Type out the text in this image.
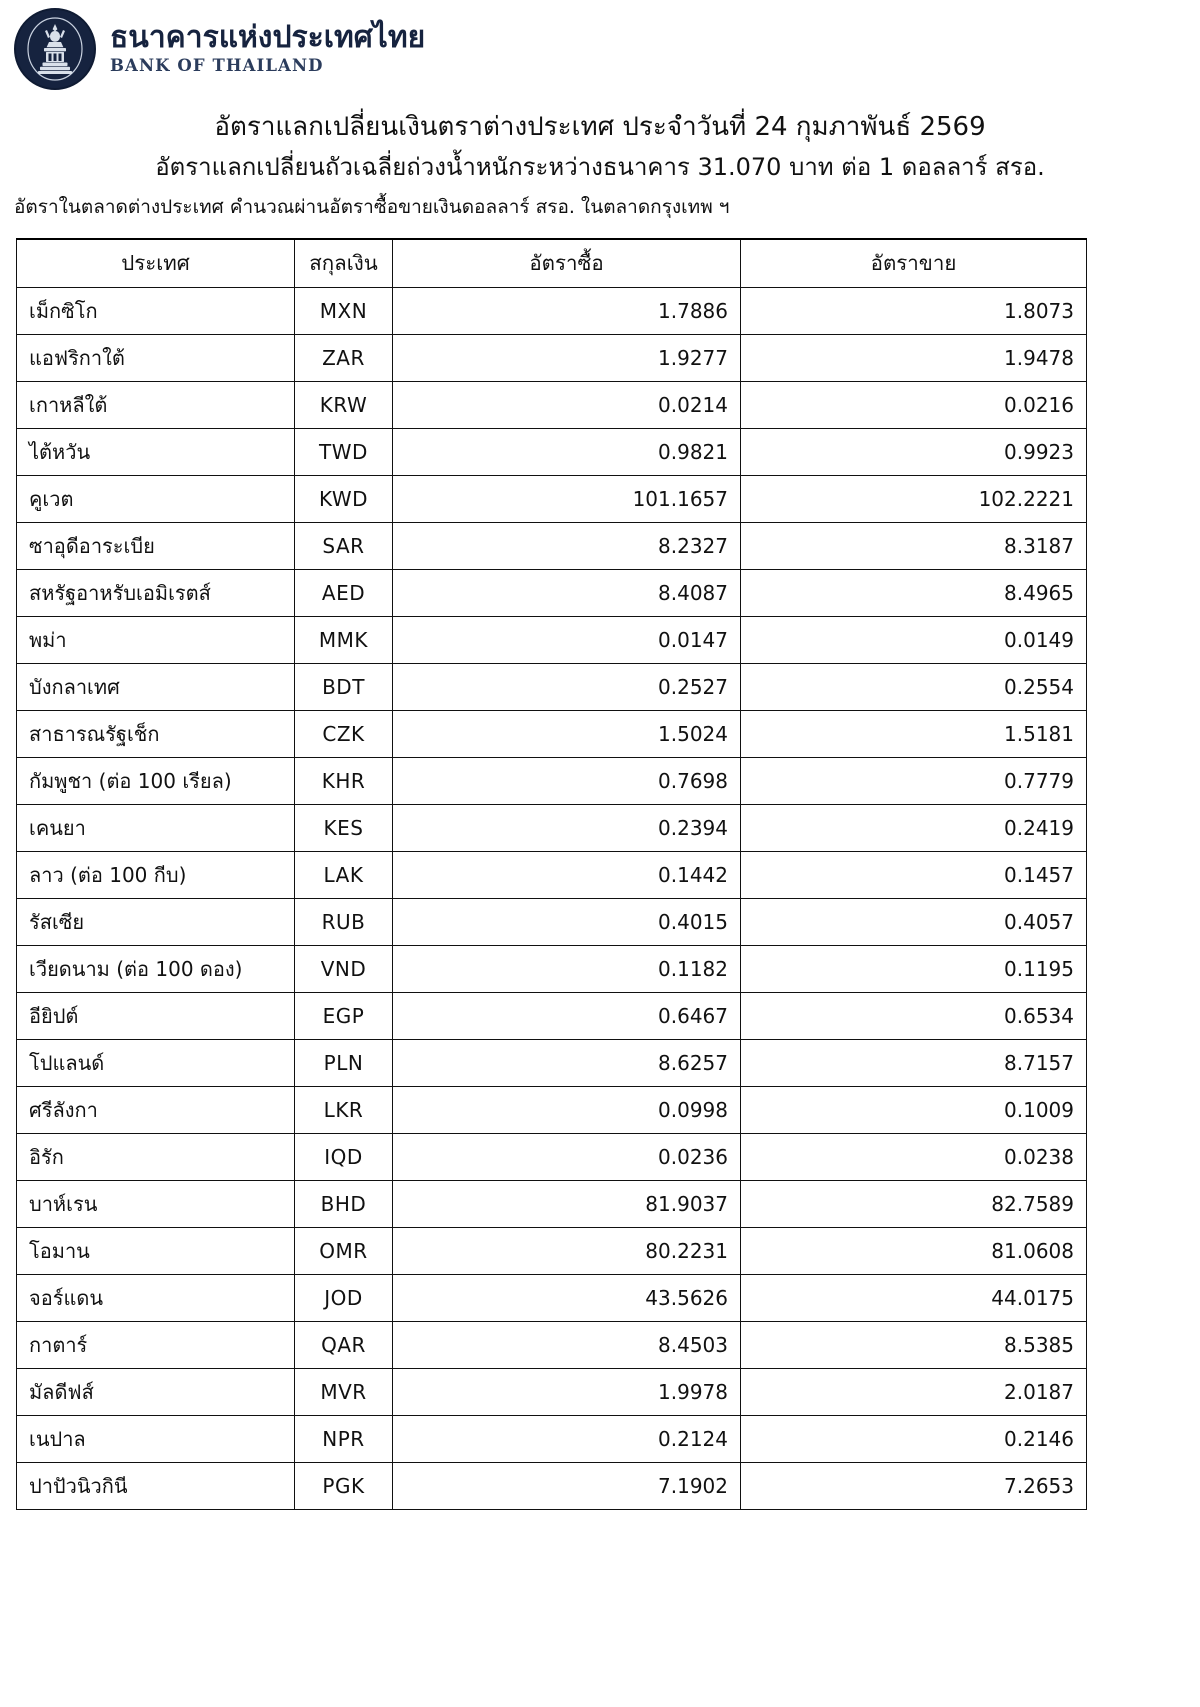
ธนาคารแห่งประเทศไทย
BANK OF THAILAND
อัตราแลกเปลี่ยนเงินตราต่างประเทศ ประจำวันที่ 24 กุมภาพันธ์ 2569
อัตราแลกเปลี่ยนถัวเฉลี่ยถ่วงน้ำหนักระหว่างธนาคาร 31.070 บาท ต่อ 1 ดอลลาร์ สรอ.
อัตราในตลาดต่างประเทศ คำนวณผ่านอัตราซื้อขายเงินดอลลาร์ สรอ. ในตลาดกรุงเทพ ฯ
ประเทศ	สกุลเงิน	อัตราซื้อ	อัตราขาย
เม็กซิโก	MXN	1.7886	1.8073
แอฟริกาใต้	ZAR	1.9277	1.9478
เกาหลีใต้	KRW	0.0214	0.0216
ไต้หวัน	TWD	0.9821	0.9923
คูเวต	KWD	101.1657	102.2221
ซาอุดีอาระเบีย	SAR	8.2327	8.3187
สหรัฐอาหรับเอมิเรตส์	AED	8.4087	8.4965
พม่า	MMK	0.0147	0.0149
บังกลาเทศ	BDT	0.2527	0.2554
สาธารณรัฐเช็ก	CZK	1.5024	1.5181
กัมพูชา (ต่อ 100 เรียล)	KHR	0.7698	0.7779
เคนยา	KES	0.2394	0.2419
ลาว (ต่อ 100 กีบ)	LAK	0.1442	0.1457
รัสเซีย	RUB	0.4015	0.4057
เวียดนาม (ต่อ 100 ดอง)	VND	0.1182	0.1195
อียิปต์	EGP	0.6467	0.6534
โปแลนด์	PLN	8.6257	8.7157
ศรีลังกา	LKR	0.0998	0.1009
อิรัก	IQD	0.0236	0.0238
บาห์เรน	BHD	81.9037	82.7589
โอมาน	OMR	80.2231	81.0608
จอร์แดน	JOD	43.5626	44.0175
กาตาร์	QAR	8.4503	8.5385
มัลดีฟส์	MVR	1.9978	2.0187
เนปาล	NPR	0.2124	0.2146
ปาปัวนิวกินี	PGK	7.1902	7.2653
